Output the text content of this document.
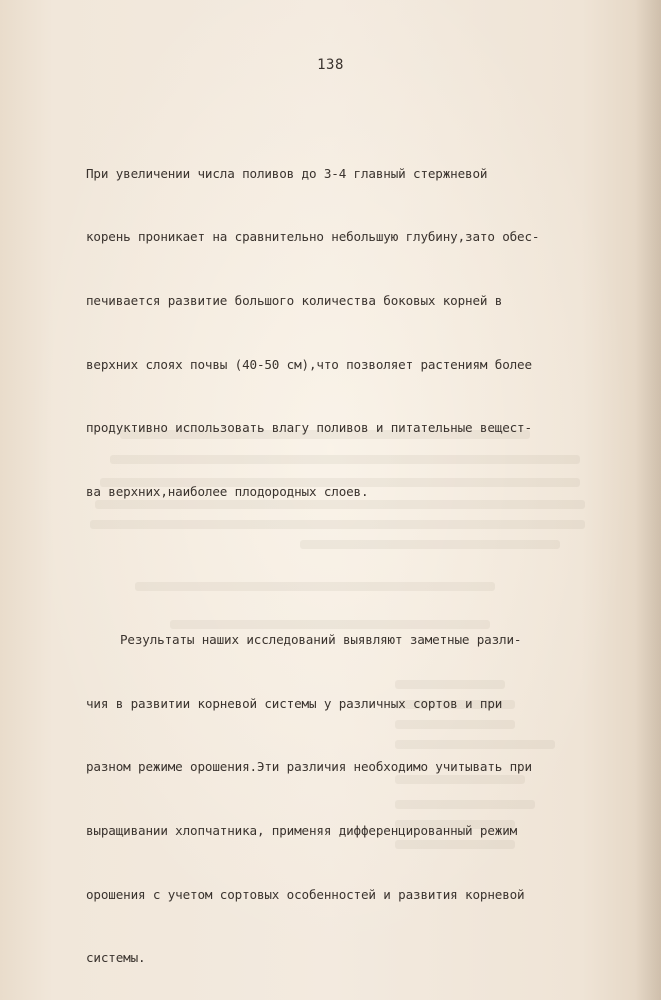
138

При увеличении числа поливов до 3-4 главный стержневой

корень проникает на сравнительно небольшую глубину,зато обес-

печивается развитие большого количества боковых корней в

верхних слоях почвы (40-50 см),что позволяет растениям более

продуктивно использовать влагу поливов и питательные вещест-

ва верхних,наиболее плодородных слоев.

Результаты наших исследований выявляют заметные разли-

чия в развитии корневой системы у различных сортов и при

разном режиме орошения.Эти различия необходимо учитывать при

выращивании хлопчатника, применяя дифференцированный режим

орошения с учетом сортовых особенностей и развития корневой

системы.
